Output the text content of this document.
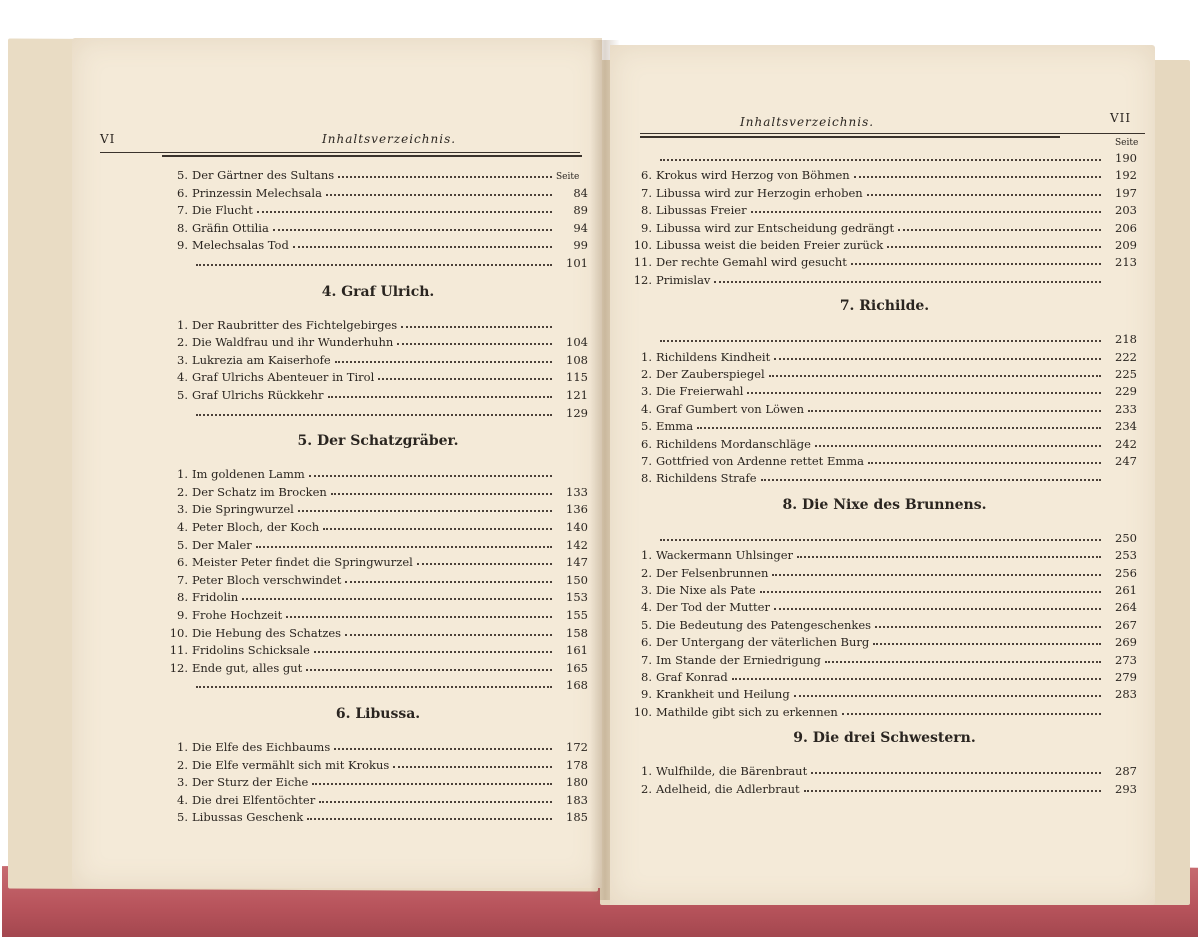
VI	Inhaltsverzeichnis.
Seite
5. Der Gärtner des Sultans
6. Prinzessin Melechsala	84
7. Die Flucht	89
8. Gräfin Ottilia	94
9. Melechsalas Tod	99
101
4. Graf Ulrich.
1. Der Raubritter des Fichtelgebirges
2. Die Waldfrau und ihr Wunderhuhn	104
3. Lukrezia am Kaiserhofe	108
4. Graf Ulrichs Abenteuer in Tirol	115
5. Graf Ulrichs Rückkehr	121
129
5. Der Schatzgräber.
1. Im goldenen Lamm
2. Der Schatz im Brocken	133
3. Die Springwurzel	136
4. Peter Bloch, der Koch	140
5. Der Maler	142
6. Meister Peter findet die Springwurzel	147
7. Peter Bloch verschwindet	150
8. Fridolin	153
9. Frohe Hochzeit	155
10. Die Hebung des Schatzes	158
11. Fridolins Schicksale	161
12. Ende gut, alles gut	165
168
6. Libussa.
1. Die Elfe des Eichbaums	172
2. Die Elfe vermählt sich mit Krokus	178
3. Der Sturz der Eiche	180
4. Die drei Elfentöchter	183
5. Libussas Geschenk	185
Inhaltsverzeichnis.	VII
Seite
190
6. Krokus wird Herzog von Böhmen	192
7. Libussa wird zur Herzogin erhoben	197
8. Libussas Freier	203
9. Libussa wird zur Entscheidung gedrängt	206
10. Libussa weist die beiden Freier zurück	209
11. Der rechte Gemahl wird gesucht	213
12. Primislav
7. Richilde.
218
1. Richildens Kindheit	222
2. Der Zauberspiegel	225
3. Die Freierwahl	229
4. Graf Gumbert von Löwen	233
5. Emma	234
6. Richildens Mordanschläge	242
7. Gottfried von Ardenne rettet Emma	247
8. Richildens Strafe
8. Die Nixe des Brunnens.
250
1. Wackermann Uhlsinger	253
2. Der Felsenbrunnen	256
3. Die Nixe als Pate	261
4. Der Tod der Mutter	264
5. Die Bedeutung des Patengeschenkes	267
6. Der Untergang der väterlichen Burg	269
7. Im Stande der Erniedrigung	273
8. Graf Konrad	279
9. Krankheit und Heilung	283
10. Mathilde gibt sich zu erkennen
9. Die drei Schwestern.
1. Wulfhilde, die Bärenbraut	287
2. Adelheid, die Adlerbraut	293
